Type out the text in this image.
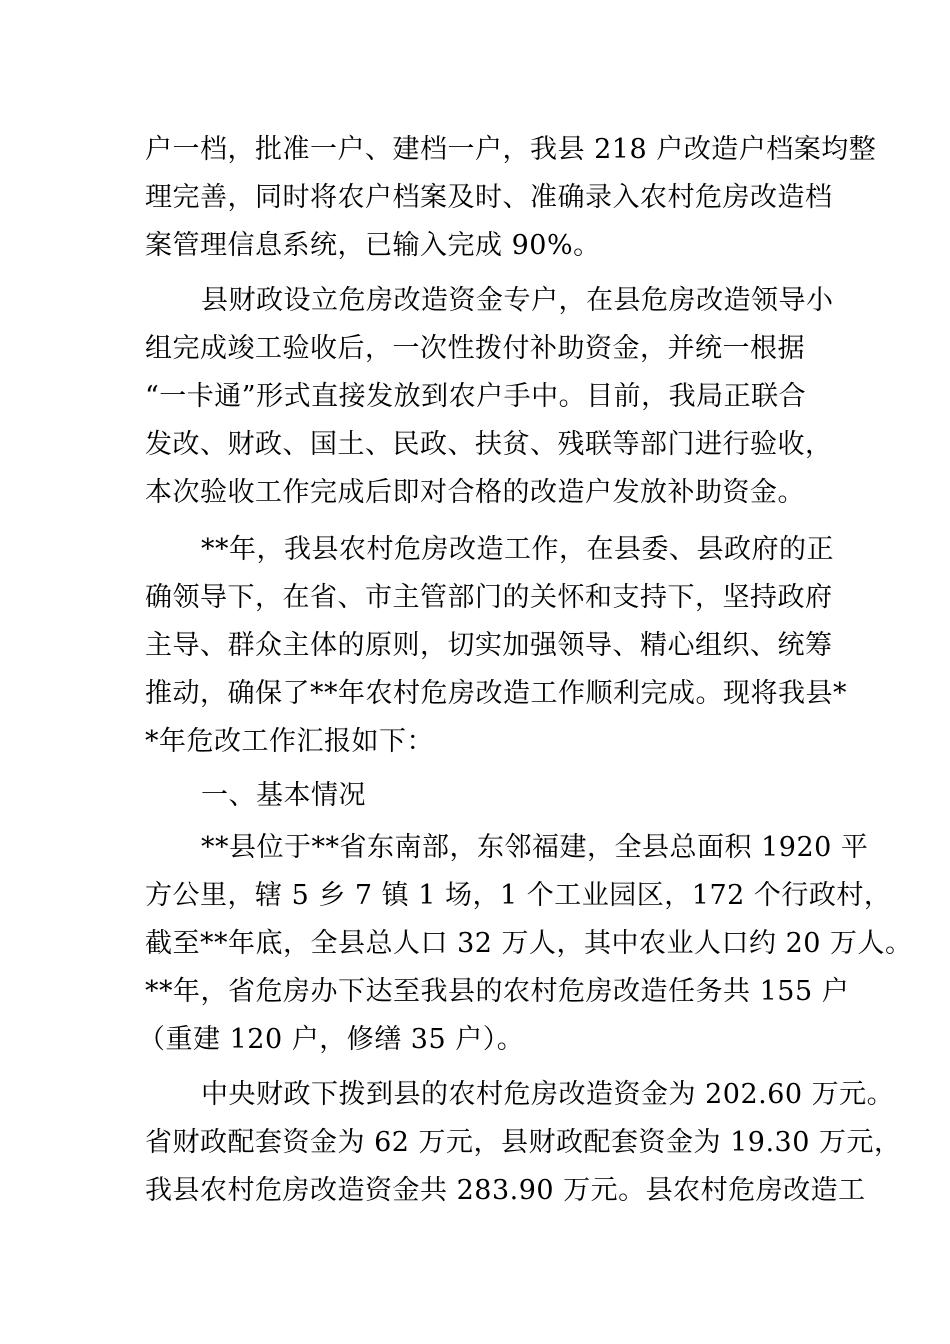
户一档，批准一户、建档一户，我县 218 户改造户档案均整
理完善，同时将农户档案及时、准确录入农村危房改造档
案管理信息系统，已输入完成 90%。
县财政设立危房改造资金专户，在县危房改造领导小
组完成竣工验收后，一次性拨付补助资金，并统一根据
“一卡通”形式直接发放到农户手中。目前，我局正联合
发改、财政、国土、民政、扶贫、残联等部门进行验收，
本次验收工作完成后即对合格的改造户发放补助资金。
**年，我县农村危房改造工作，在县委、县政府的正
确领导下，在省、市主管部门的关怀和支持下，坚持政府
主导、群众主体的原则，切实加强领导、精心组织、统筹
推动，确保了**年农村危房改造工作顺利完成。现将我县*
*年危改工作汇报如下：
一、基本情况
**县位于**省东南部，东邻福建，全县总面积 1920 平
方公里，辖 5 乡 7 镇 1 场，1 个工业园区，172 个行政村，
截至**年底，全县总人口 32 万人，其中农业人口约 20 万人。
**年，省危房办下达至我县的农村危房改造任务共 155 户
（重建 120 户，修缮 35 户）。
中央财政下拨到县的农村危房改造资金为 202.60 万元。
省财政配套资金为 62 万元，县财政配套资金为 19.30 万元，
我县农村危房改造资金共 283.90 万元。县农村危房改造工
